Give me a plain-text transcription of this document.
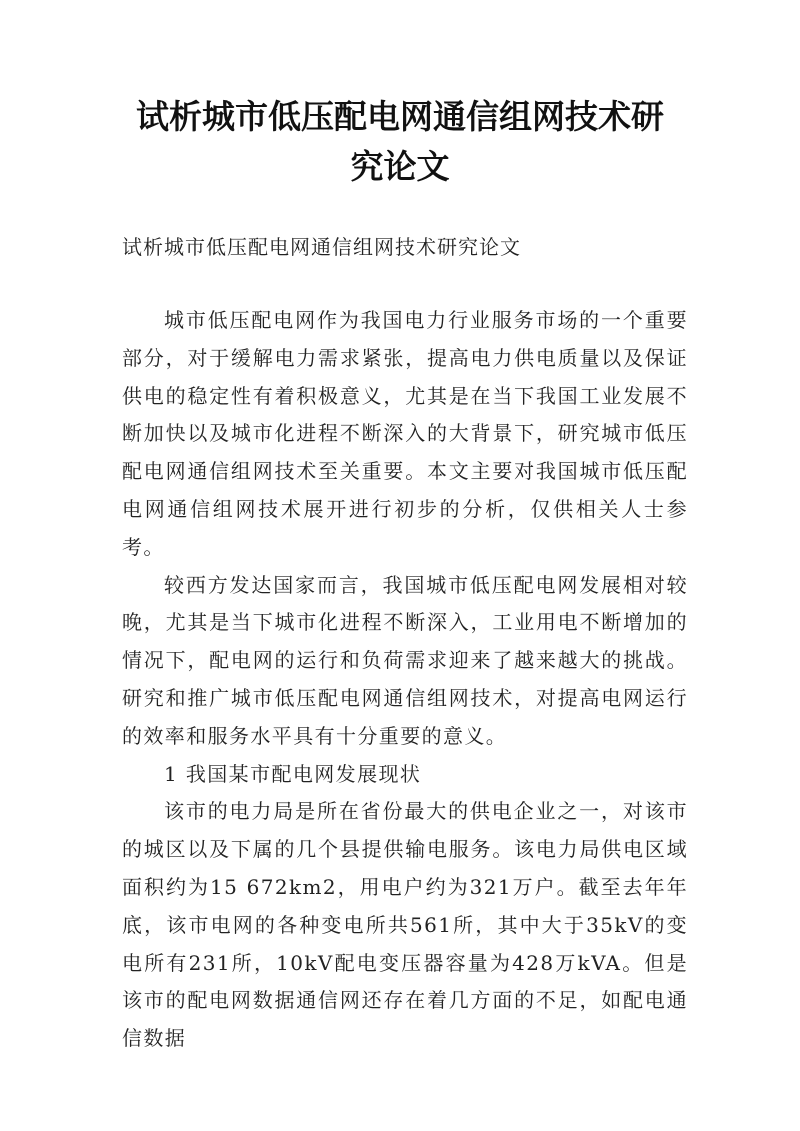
试析城市低压配电网通信组网技术研究论文
试析城市低压配电网通信组网技术研究论文

城市低压配电网作为我国电力行业服务市场的一个重要部分，对于缓解电力需求紧张，提高电力供电质量以及保证供电的稳定性有着积极意义，尤其是在当下我国工业发展不断加快以及城市化进程不断深入的大背景下，研究城市低压配电网通信组网技术至关重要。本文主要对我国城市低压配电网通信组网技术展开进行初步的分析，仅供相关人士参考。

较西方发达国家而言，我国城市低压配电网发展相对较晚，尤其是当下城市化进程不断深入，工业用电不断增加的情况下，配电网的运行和负荷需求迎来了越来越大的挑战。研究和推广城市低压配电网通信组网技术，对提高电网运行的效率和服务水平具有十分重要的意义。

1 我国某市配电网发展现状

该市的电力局是所在省份最大的供电企业之一，对该市的城区以及下属的几个县提供输电服务。该电力局供电区域面积约为15 672km2，用电户约为321万户。截至去年年底，该市电网的各种变电所共561所，其中大于35kV的变电所有231所，10kV配电变压器容量为428万kVA。但是该市的配电网数据通信网还存在着几方面的不足，如配电通信数据
